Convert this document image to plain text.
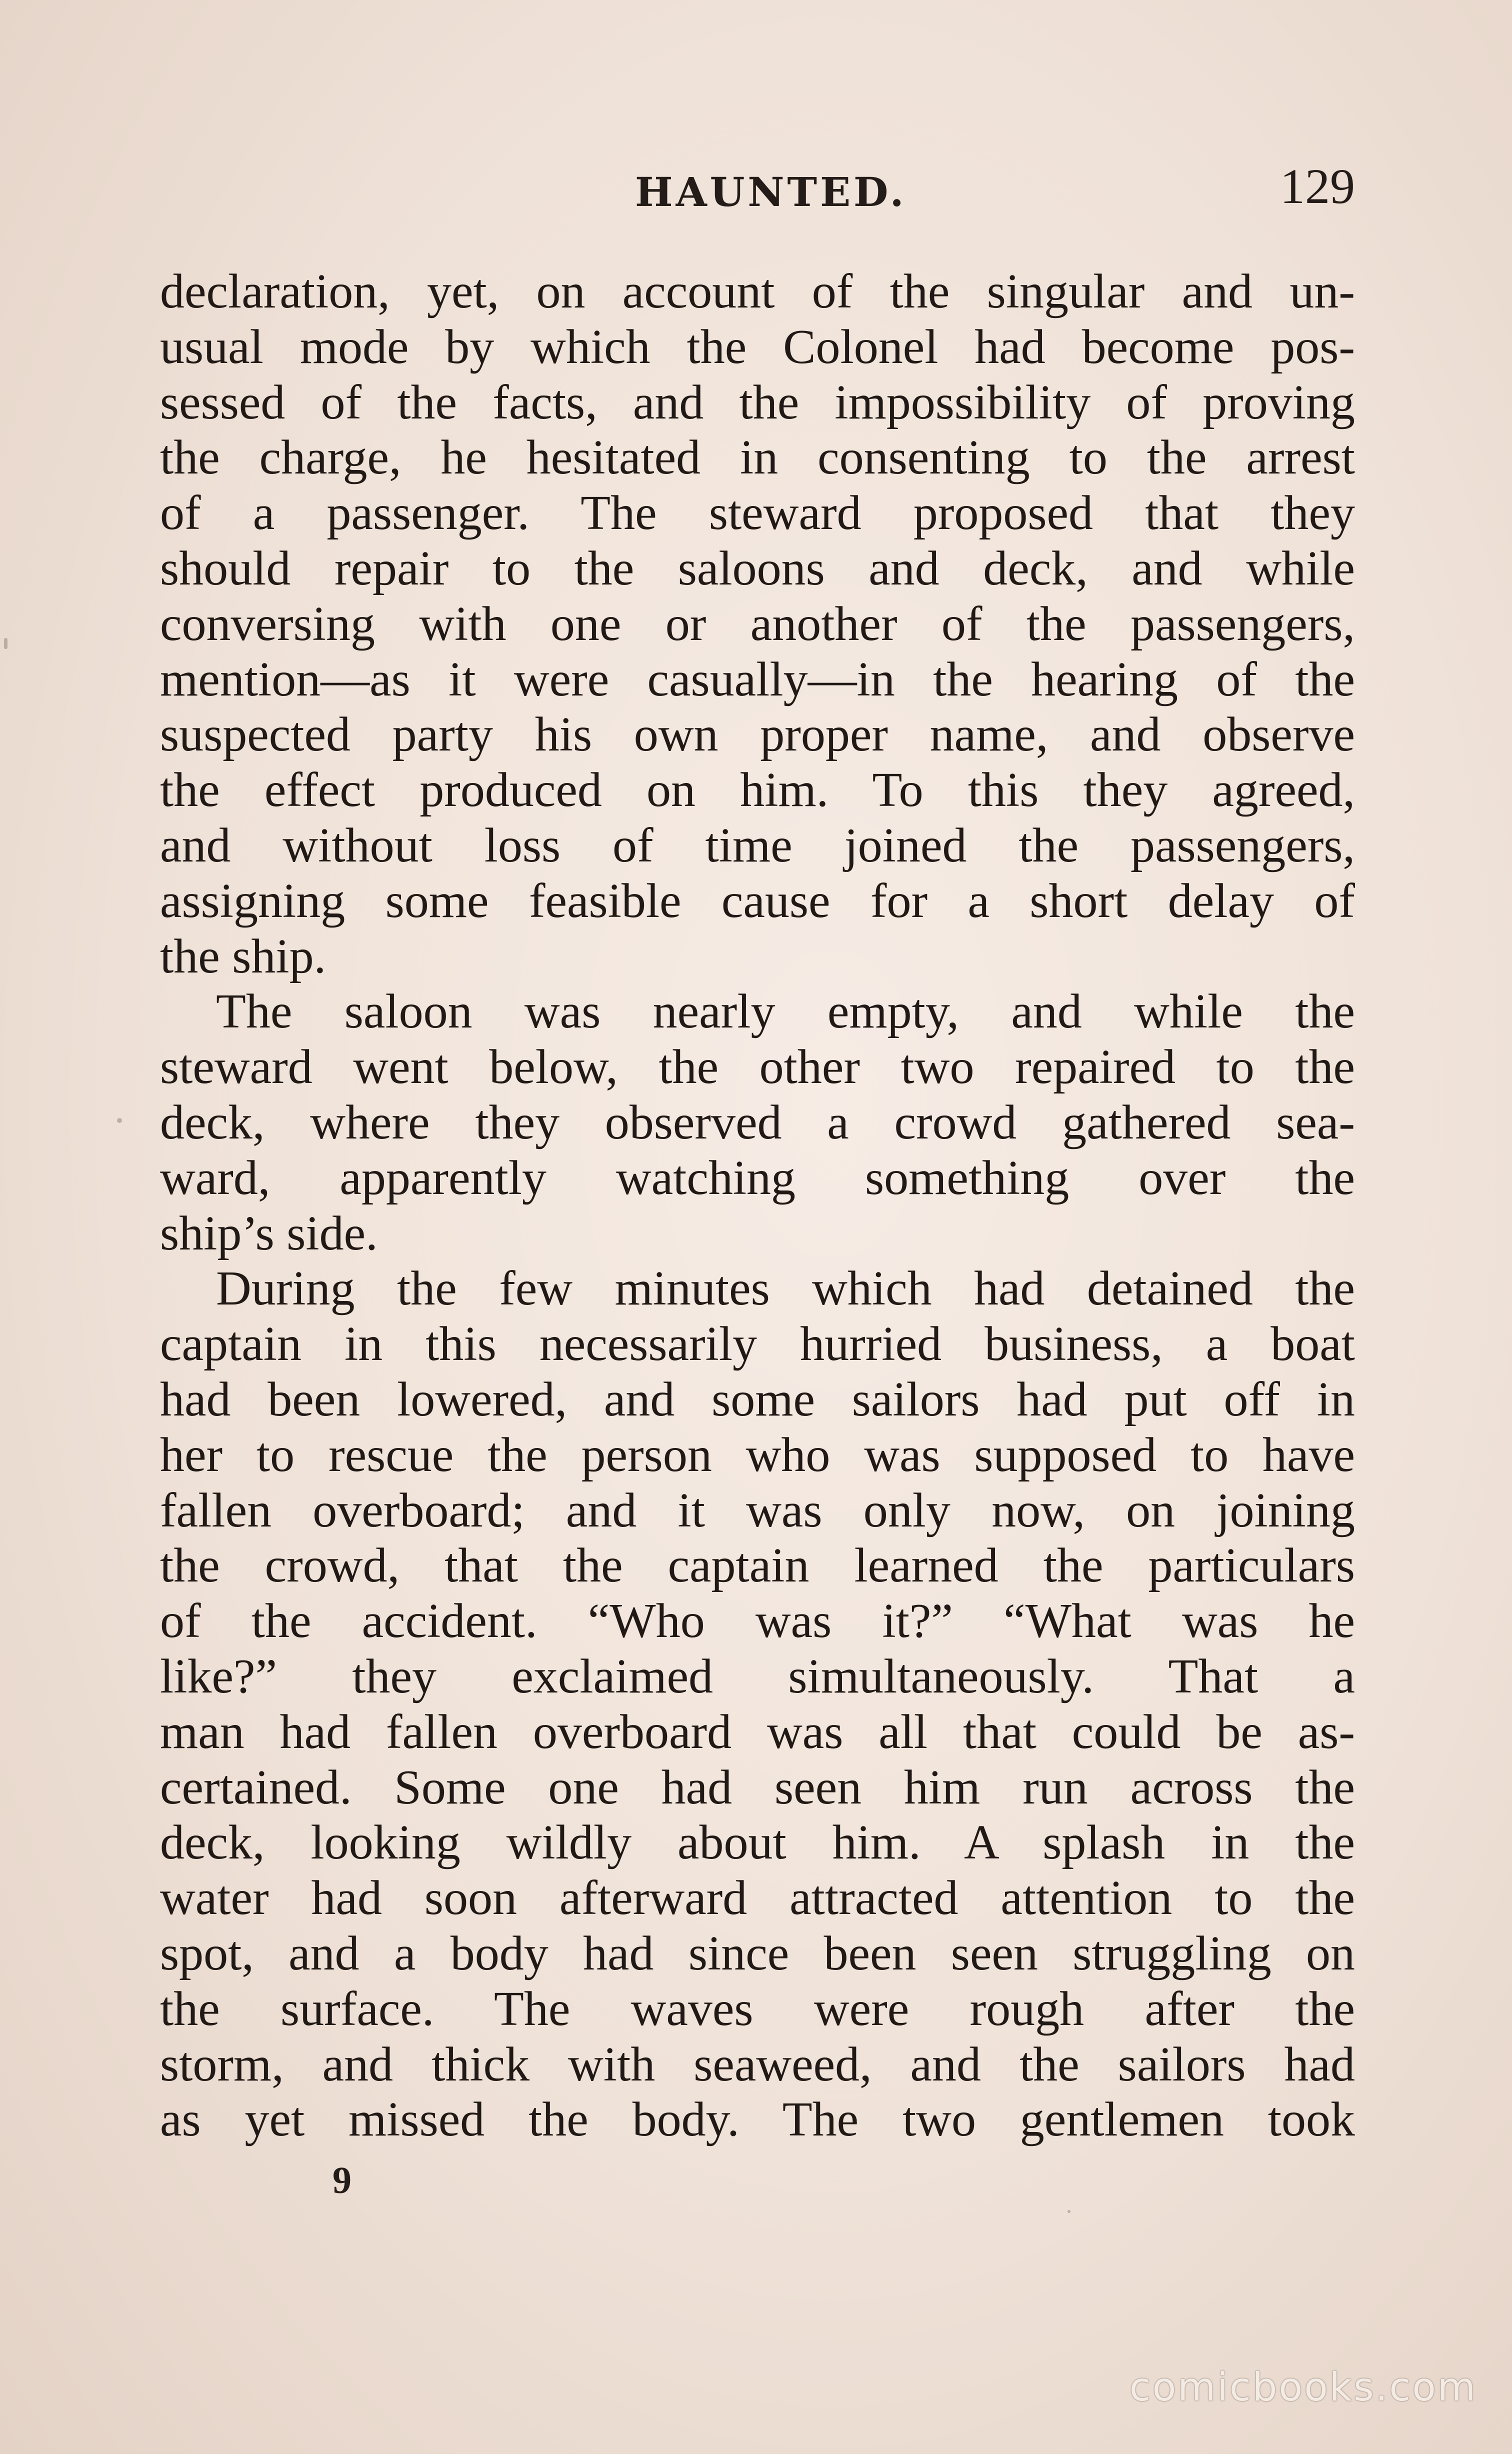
HAUNTED.	129
declaration, yet, on account of the singular and un-
usual mode by which the Colonel had become pos-
sessed of the facts, and the impossibility of proving
the charge, he hesitated in consenting to the arrest
of a passenger. The steward proposed that they
should repair to the saloons and deck, and while
conversing with one or another of the passengers,
mention—as it were casually—in the hearing of the
suspected party his own proper name, and observe
the effect produced on him. To this they agreed,
and without loss of time joined the passengers,
assigning some feasible cause for a short delay of
the ship.
The saloon was nearly empty, and while the
steward went below, the other two repaired to the
deck, where they observed a crowd gathered sea-
ward, apparently watching something over the
ship’s side.
During the few minutes which had detained the
captain in this necessarily hurried business, a boat
had been lowered, and some sailors had put off in
her to rescue the person who was supposed to have
fallen overboard; and it was only now, on joining
the crowd, that the captain learned the particulars
of the accident. “Who was it?” “What was he
like?” they exclaimed simultaneously. That a
man had fallen overboard was all that could be as-
certained. Some one had seen him run across the
deck, looking wildly about him. A splash in the
water had soon afterward attracted attention to the
spot, and a body had since been seen struggling on
the surface. The waves were rough after the
storm, and thick with seaweed, and the sailors had
as yet missed the body. The two gentlemen took
9
comicbooks.com
